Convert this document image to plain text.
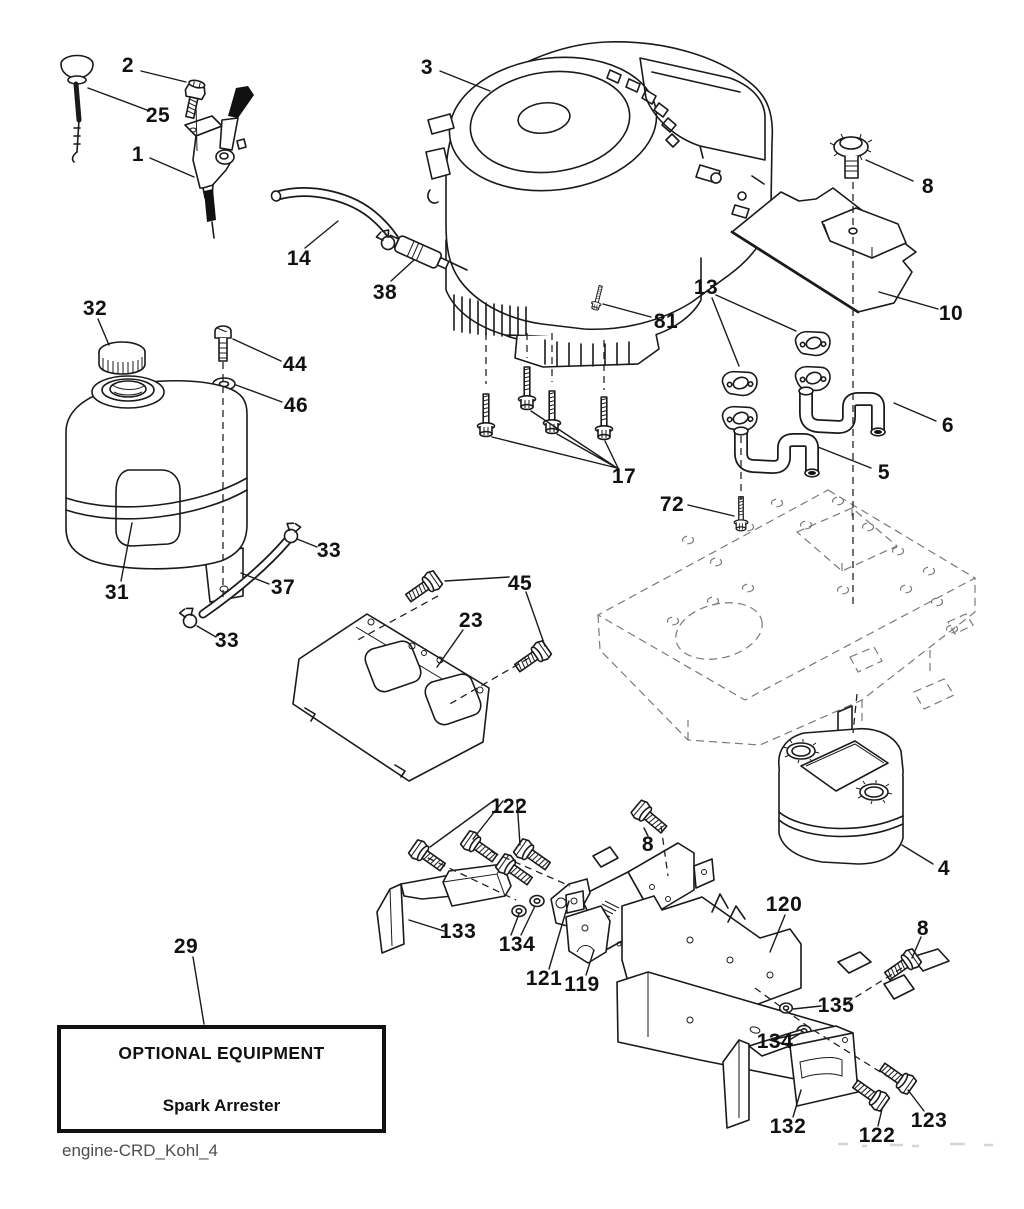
2
25
1
3
14
38
8
10
13
81
6
5
17
72
32
44
46
31
33
37
33
45
23
122
8
29
133
134
121 119
120
4
8
135
134
132 122
123
OPTIONAL EQUIPMENT
Spark Arrester
engine-CRD_Kohl_4
